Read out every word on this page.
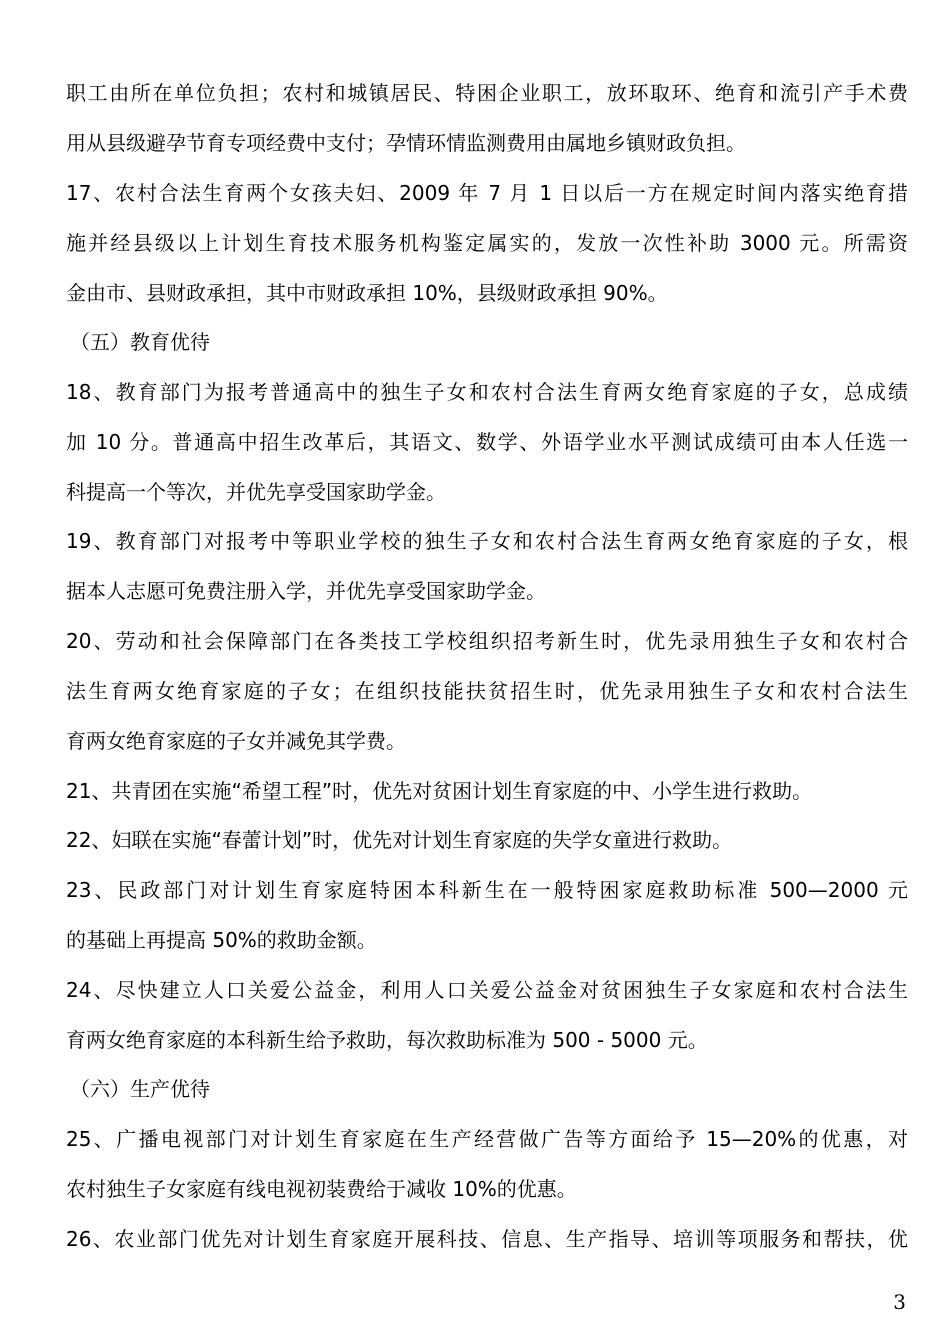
职工由所在单位负担；农村和城镇居民、特困企业职工，放环取环、绝育和流引产手术费
用从县级避孕节育专项经费中支付；孕情环情监测费用由属地乡镇财政负担。
17、农村合法生育两个女孩夫妇、2009 年 7 月 1 日以后一方在规定时间内落实绝育措
施并经县级以上计划生育技术服务机构鉴定属实的，发放一次性补助 3000 元。所需资
金由市、县财政承担，其中市财政承担 10%，县级财政承担 90%。
（五）教育优待
18、教育部门为报考普通高中的独生子女和农村合法生育两女绝育家庭的子女，总成绩
加 10 分。普通高中招生改革后，其语文、数学、外语学业水平测试成绩可由本人任选一
科提高一个等次，并优先享受国家助学金。
19、教育部门对报考中等职业学校的独生子女和农村合法生育两女绝育家庭的子女，根
据本人志愿可免费注册入学，并优先享受国家助学金。
20、劳动和社会保障部门在各类技工学校组织招考新生时，优先录用独生子女和农村合
法生育两女绝育家庭的子女；在组织技能扶贫招生时，优先录用独生子女和农村合法生
育两女绝育家庭的子女并减免其学费。
21、共青团在实施“希望工程”时，优先对贫困计划生育家庭的中、小学生进行救助。
22、妇联在实施“春蕾计划”时，优先对计划生育家庭的失学女童进行救助。
23、民政部门对计划生育家庭特困本科新生在一般特困家庭救助标准 500—2000 元
的基础上再提高 50%的救助金额。
24、尽快建立人口关爱公益金，利用人口关爱公益金对贫困独生子女家庭和农村合法生
育两女绝育家庭的本科新生给予救助，每次救助标准为 500 - 5000 元。
（六）生产优待
25、广播电视部门对计划生育家庭在生产经营做广告等方面给予 15—20%的优惠，对
农村独生子女家庭有线电视初装费给于减收 10%的优惠。
26、农业部门优先对计划生育家庭开展科技、信息、生产指导、培训等项服务和帮扶，优
3
